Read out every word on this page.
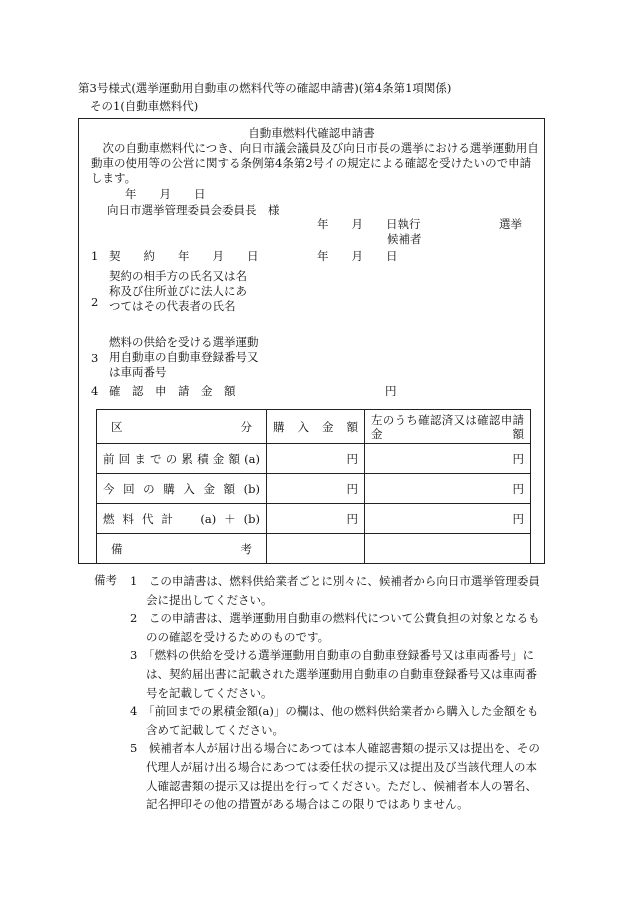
第3号様式(選挙運動用自動車の燃料代等の確認申請書)(第4条第1項関係)
その1(自動車燃料代)
自動車燃料代確認申請書
次の自動車燃料代につき、向日市議会議員及び向日市長の選挙における選挙運動用自動車の使用等の公営に関する条例第4条第2号イの規定による確認を受けたいので申請します。
年　　月　　日
向日市選挙管理委員会委員長　様
年　　月　　日執行	選挙
候補者
1 契　　約　　年　　月　　日	年　　月　　日
2
契約の相手方の氏名又は名称及び住所並びに法人にあつてはその代表者の氏名
3
燃料の供給を受ける選挙運動用自動車の自動車登録番号又は車両番号
4 確　認　申　請　金　額	円
区　　　　　　　　分	購　入　金　額	左のうち確認済又は確認申請金額

前回までの累積金額(a)	円	円

今回の購入金額(b)	円	円

燃料代計　(a)＋(b)	円	円

備　　　　　　　　考		

備考	1　この申請書は、燃料供給業者ごとに別々に、候補者から向日市選挙管理委員会に提出してください。

2　この申請書は、選挙運動用自動車の燃料代について公費負担の対象となるものの確認を受けるためのものです。

3　「燃料の供給を受ける選挙運動用自動車の自動車登録番号又は車両番号」には、契約届出書に記載された選挙運動用自動車の自動車登録番号又は車両番号を記載してください。

4　「前回までの累積金額(a)」の欄は、他の燃料供給業者から購入した金額をも含めて記載してください。

5　候補者本人が届け出る場合にあつては本人確認書類の提示又は提出を、その代理人が届け出る場合にあつては委任状の提示又は提出及び当該代理人の本人確認書類の提示又は提出を行ってください。ただし、候補者本人の署名、記名押印その他の措置がある場合はこの限りではありません。
